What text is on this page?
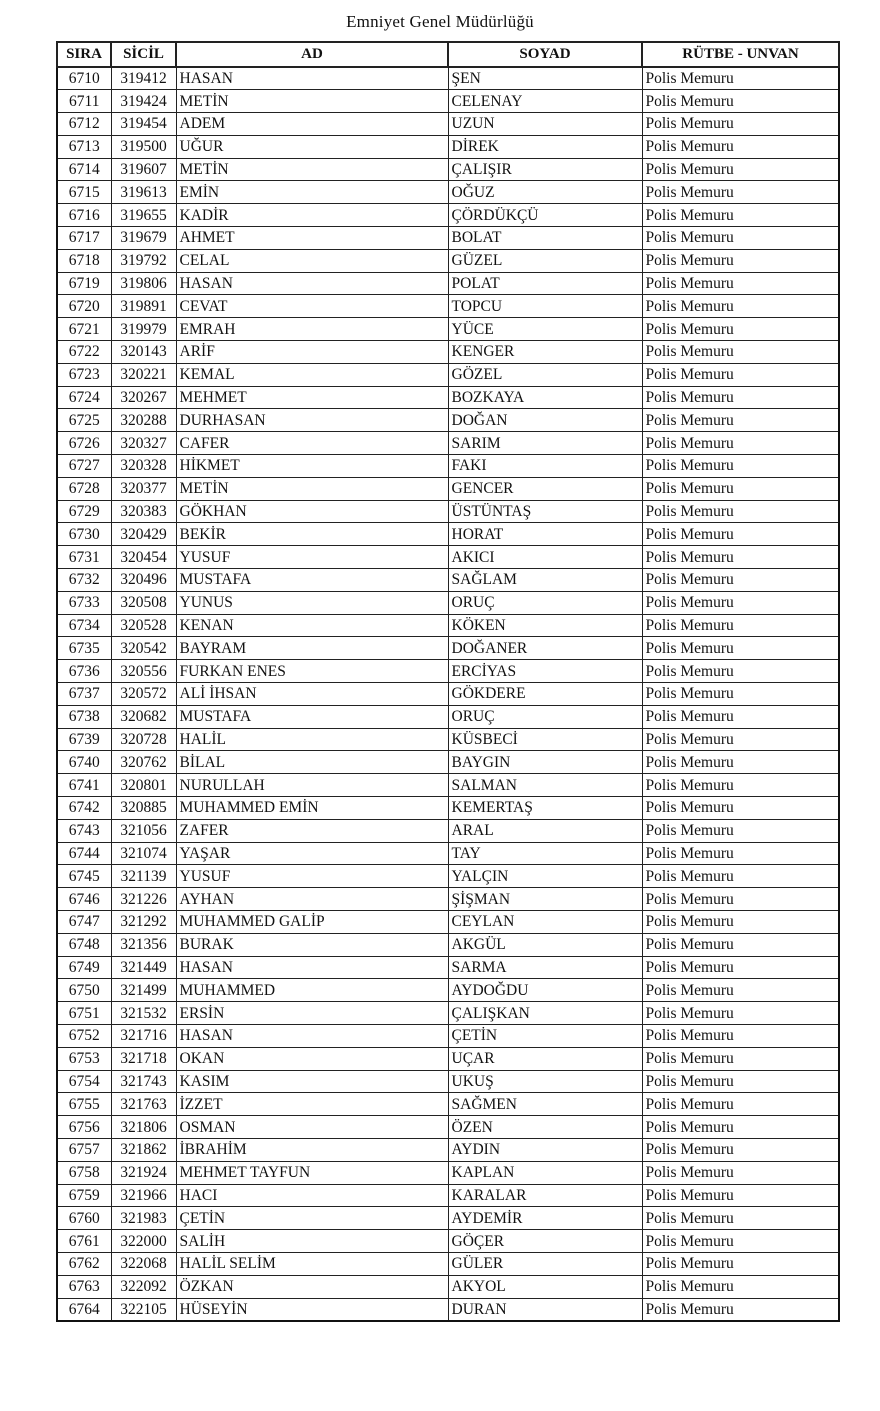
Emniyet Genel Müdürlüğü
SIRA	SİCİL	AD	SOYAD	RÜTBE - UNVAN
6710	319412	HASAN	ŞEN	Polis Memuru
6711	319424	METİN	CELENAY	Polis Memuru
6712	319454	ADEM	UZUN	Polis Memuru
6713	319500	UĞUR	DİREK	Polis Memuru
6714	319607	METİN	ÇALIŞIR	Polis Memuru
6715	319613	EMİN	OĞUZ	Polis Memuru
6716	319655	KADİR	ÇÖRDÜKÇÜ	Polis Memuru
6717	319679	AHMET	BOLAT	Polis Memuru
6718	319792	CELAL	GÜZEL	Polis Memuru
6719	319806	HASAN	POLAT	Polis Memuru
6720	319891	CEVAT	TOPCU	Polis Memuru
6721	319979	EMRAH	YÜCE	Polis Memuru
6722	320143	ARİF	KENGER	Polis Memuru
6723	320221	KEMAL	GÖZEL	Polis Memuru
6724	320267	MEHMET	BOZKAYA	Polis Memuru
6725	320288	DURHASAN	DOĞAN	Polis Memuru
6726	320327	CAFER	SARIM	Polis Memuru
6727	320328	HİKMET	FAKI	Polis Memuru
6728	320377	METİN	GENCER	Polis Memuru
6729	320383	GÖKHAN	ÜSTÜNTAŞ	Polis Memuru
6730	320429	BEKİR	HORAT	Polis Memuru
6731	320454	YUSUF	AKICI	Polis Memuru
6732	320496	MUSTAFA	SAĞLAM	Polis Memuru
6733	320508	YUNUS	ORUÇ	Polis Memuru
6734	320528	KENAN	KÖKEN	Polis Memuru
6735	320542	BAYRAM	DOĞANER	Polis Memuru
6736	320556	FURKAN ENES	ERCİYAS	Polis Memuru
6737	320572	ALİ İHSAN	GÖKDERE	Polis Memuru
6738	320682	MUSTAFA	ORUÇ	Polis Memuru
6739	320728	HALİL	KÜSBECİ	Polis Memuru
6740	320762	BİLAL	BAYGIN	Polis Memuru
6741	320801	NURULLAH	SALMAN	Polis Memuru
6742	320885	MUHAMMED EMİN	KEMERTAŞ	Polis Memuru
6743	321056	ZAFER	ARAL	Polis Memuru
6744	321074	YAŞAR	TAY	Polis Memuru
6745	321139	YUSUF	YALÇIN	Polis Memuru
6746	321226	AYHAN	ŞİŞMAN	Polis Memuru
6747	321292	MUHAMMED GALİP	CEYLAN	Polis Memuru
6748	321356	BURAK	AKGÜL	Polis Memuru
6749	321449	HASAN	SARMA	Polis Memuru
6750	321499	MUHAMMED	AYDOĞDU	Polis Memuru
6751	321532	ERSİN	ÇALIŞKAN	Polis Memuru
6752	321716	HASAN	ÇETİN	Polis Memuru
6753	321718	OKAN	UÇAR	Polis Memuru
6754	321743	KASIM	UKUŞ	Polis Memuru
6755	321763	İZZET	SAĞMEN	Polis Memuru
6756	321806	OSMAN	ÖZEN	Polis Memuru
6757	321862	İBRAHİM	AYDIN	Polis Memuru
6758	321924	MEHMET TAYFUN	KAPLAN	Polis Memuru
6759	321966	HACI	KARALAR	Polis Memuru
6760	321983	ÇETİN	AYDEMİR	Polis Memuru
6761	322000	SALİH	GÖÇER	Polis Memuru
6762	322068	HALİL SELİM	GÜLER	Polis Memuru
6763	322092	ÖZKAN	AKYOL	Polis Memuru
6764	322105	HÜSEYİN	DURAN	Polis Memuru
